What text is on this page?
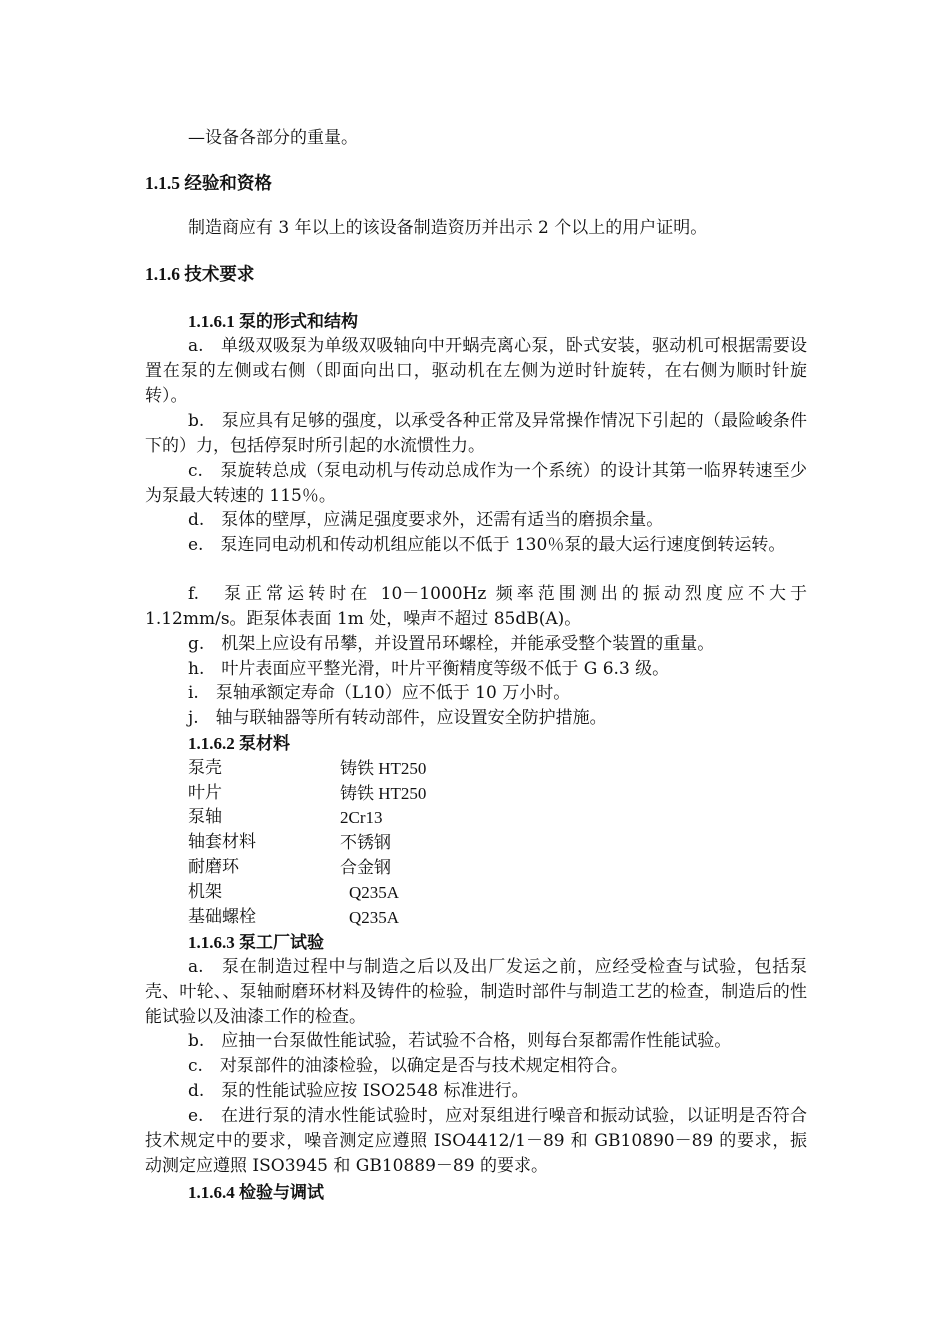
—设备各部分的重量。
1.1.5 经验和资格
制造商应有 3 年以上的该设备制造资历并出示 2 个以上的用户证明。
1.1.6 技术要求
1.1.6.1 泵的形式和结构
a.　单级双吸泵为单级双吸轴向中开蜗壳离心泵，卧式安装，驱动机可根据需要设置在泵的左侧或右侧（即面向出口，驱动机在左侧为逆时针旋转，在右侧为顺时针旋转）。
b.　泵应具有足够的强度，以承受各种正常及异常操作情况下引起的（最险峻条件下的）力，包括停泵时所引起的水流惯性力。
c.　泵旋转总成（泵电动机与传动总成作为一个系统）的设计其第一临界转速至少为泵最大转速的 115％。
d.　泵体的壁厚，应满足强度要求外，还需有适当的磨损余量。
e.　泵连同电动机和传动机组应能以不低于 130％泵的最大运行速度倒转运转。
f.　泵正常运转时在 10－1000Hz 频率范围测出的振动烈度应不大于 1.12mm/s。距泵体表面 1m 处，噪声不超过 85dB(A)。
g.　机架上应设有吊攀，并设置吊环螺栓，并能承受整个装置的重量。
h.　叶片表面应平整光滑，叶片平衡精度等级不低于 G 6.3 级。
i.　泵轴承额定寿命（L10）应不低于 10 万小时。
j.　轴与联轴器等所有转动部件，应设置安全防护措施。
1.1.6.2 泵材料
泵壳	铸铁 HT250
叶片	铸铁 HT250
泵轴	2Cr13
轴套材料	不锈钢
耐磨环	合金钢
机架	Q235A
基础螺栓	Q235A
1.1.6.3 泵工厂试验
a.　泵在制造过程中与制造之后以及出厂发运之前，应经受检查与试验，包括泵壳、叶轮、、泵轴耐磨环材料及铸件的检验，制造时部件与制造工艺的检查，制造后的性能试验以及油漆工作的检查。
b.　应抽一台泵做性能试验，若试验不合格，则每台泵都需作性能试验。
c.　对泵部件的油漆检验，以确定是否与技术规定相符合。
d.　泵的性能试验应按 ISO2548 标准进行。
e.　在进行泵的清水性能试验时，应对泵组进行噪音和振动试验，以证明是否符合技术规定中的要求，噪音测定应遵照 ISO4412/1－89 和 GB10890－89 的要求，振动测定应遵照 ISO3945 和 GB10889－89 的要求。
1.1.6.4 检验与调试
